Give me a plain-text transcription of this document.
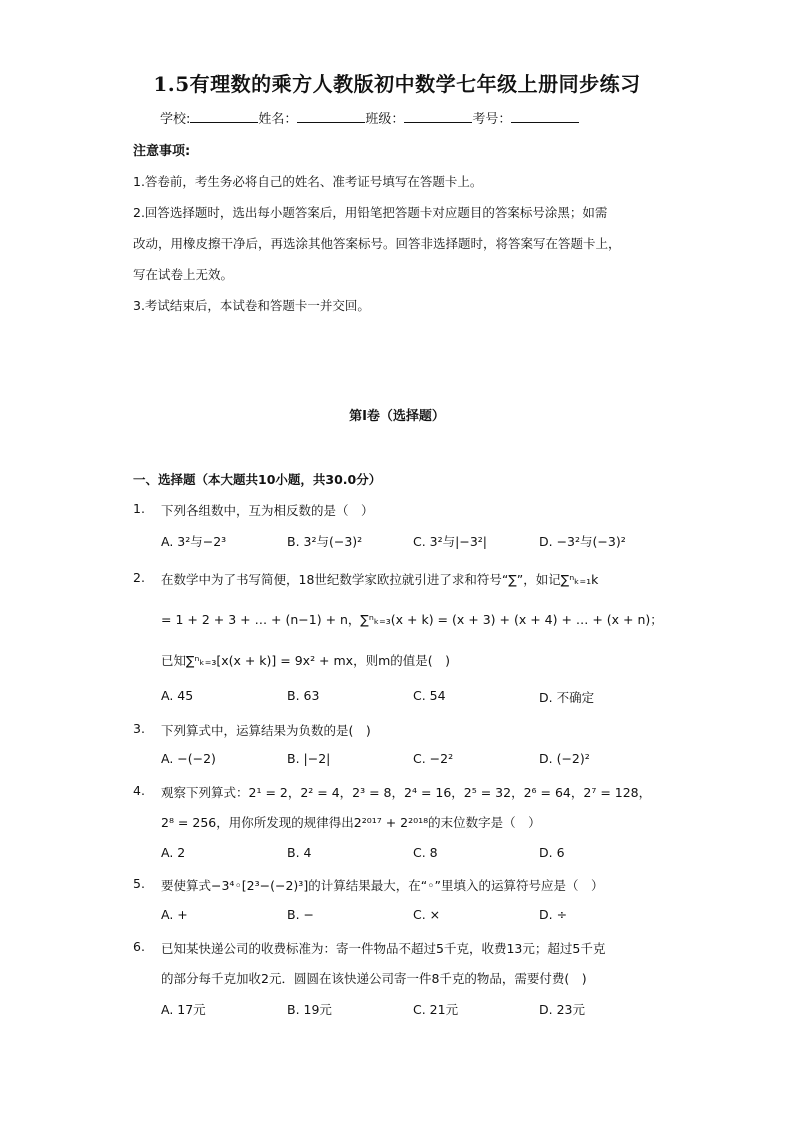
1.5有理数的乘方人教版初中数学七年级上册同步练习
学校:	姓名：	班级：	考号：
注意事项:
1.答卷前，考生务必将自己的姓名、准考证号填写在答题卡上。
2.回答选择题时，选出每小题答案后，用铅笔把答题卡对应题目的答案标号涂黑；如需
改动，用橡皮擦干净后，再选涂其他答案标号。回答非选择题时，将答案写在答题卡上，
写在试卷上无效。
3.考试结束后，本试卷和答题卡一并交回。
第I卷（选择题）
一、选择题（本大题共10小题，共30.0分）
1.	下列各组数中，互为相反数的是（　）
A. 3²与−2³	B. 3²与(−3)²	C. 3²与|−3²|	D. −3²与(−3)²
2.	在数学中为了书写简便，18世纪数学家欧拉就引进了求和符号“∑”，如记∑ⁿₖ₌₁k
= 1 + 2 + 3 + … + (n−1) + n，∑ⁿₖ₌₃(x + k) = (x + 3) + (x + 4) + … + (x + n)；
已知∑ⁿₖ₌₃[x(x + k)] = 9x² + mx，则m的值是(　)
A. 45	B. 63	C. 54	D. 不确定
3.	下列算式中，运算结果为负数的是(　)
A. −(−2)	B. |−2|	C. −2²	D. (−2)²
4.	观察下列算式：2¹ = 2，2² = 4，2³ = 8，2⁴ = 16，2⁵ = 32，2⁶ = 64，2⁷ = 128，
2⁸ = 256，用你所发现的规律得出2²⁰¹⁷ + 2²⁰¹⁸的末位数字是（　）
A. 2	B. 4	C. 8	D. 6
5.	要使算式−3⁴◦[2³−(−2)³]的计算结果最大，在“◦”里填入的运算符号应是（　）
A. +	B. −	C. ×	D. ÷
6.	已知某快递公司的收费标准为：寄一件物品不超过5千克，收费13元；超过5千克
的部分每千克加收2元．圆圆在该快递公司寄一件8千克的物品，需要付费(　)
A. 17元	B. 19元	C. 21元	D. 23元
